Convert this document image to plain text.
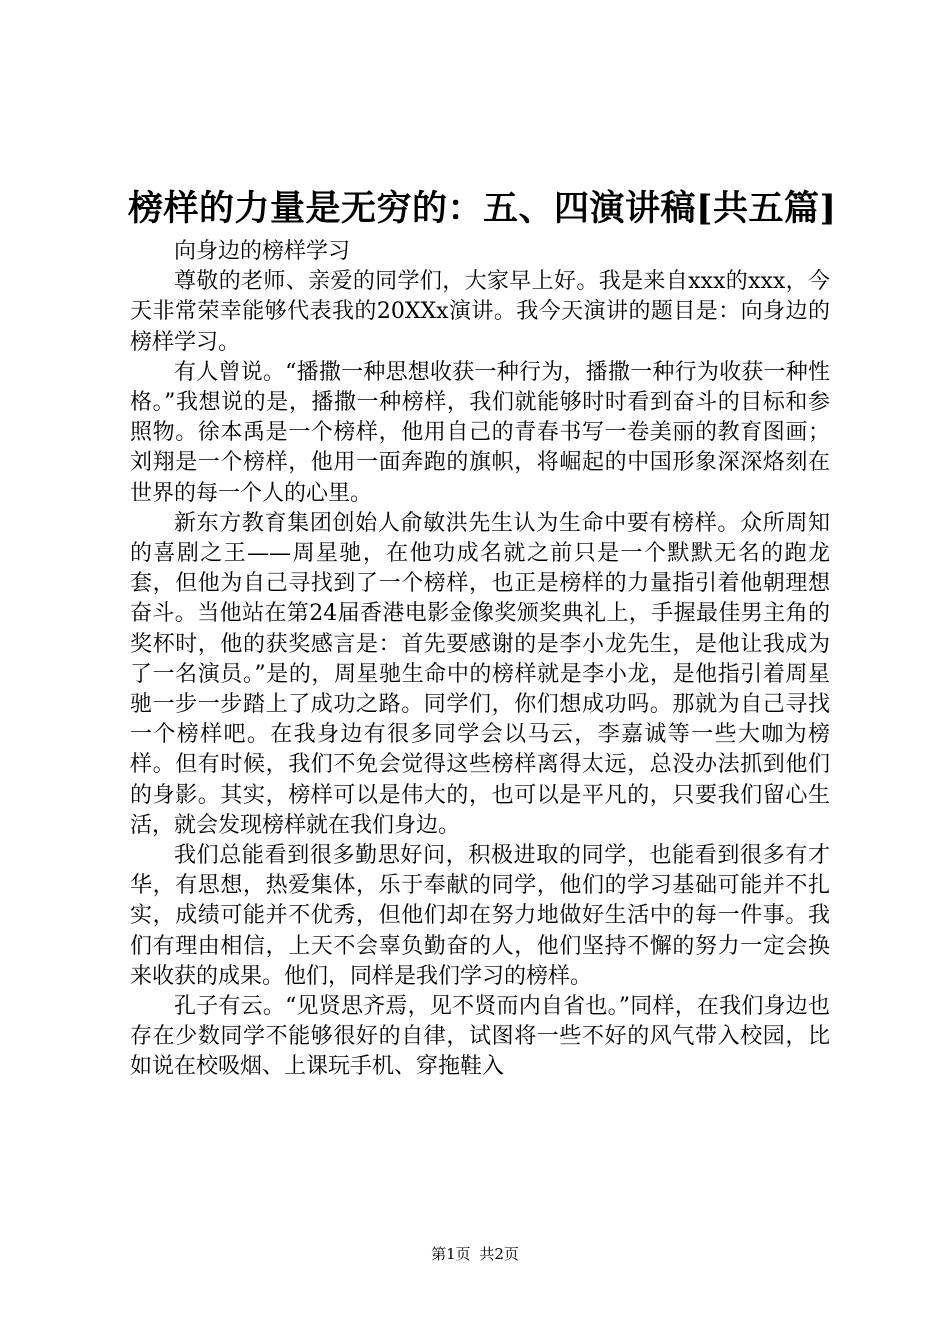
榜样的力量是无穷的：五、四演讲稿[共五篇]

向身边的榜样学习

尊敬的老师、亲爱的同学们，大家早上好。我是来自xxx的xxx，今天非常荣幸能够代表我的20XXx演讲。我今天演讲的题目是：向身边的榜样学习。

有人曾说。“播撒一种思想收获一种行为，播撒一种行为收获一种性格。”我想说的是，播撒一种榜样，我们就能够时时看到奋斗的目标和参照物。徐本禹是一个榜样，他用自己的青春书写一卷美丽的教育图画；刘翔是一个榜样，他用一面奔跑的旗帜，将崛起的中国形象深深烙刻在世界的每一个人的心里。

新东方教育集团创始人俞敏洪先生认为生命中要有榜样。众所周知的喜剧之王——周星驰，在他功成名就之前只是一个默默无名的跑龙套，但他为自己寻找到了一个榜样，也正是榜样的力量指引着他朝理想奋斗。当他站在第24届香港电影金像奖颁奖典礼上，手握最佳男主角的奖杯时，他的获奖感言是：首先要感谢的是李小龙先生，是他让我成为了一名演员。”是的，周星驰生命中的榜样就是李小龙，是他指引着周星驰一步一步踏上了成功之路。同学们，你们想成功吗。那就为自己寻找一个榜样吧。在我身边有很多同学会以马云，李嘉诚等一些大咖为榜样。但有时候，我们不免会觉得这些榜样离得太远，总没办法抓到他们的身影。其实，榜样可以是伟大的，也可以是平凡的，只要我们留心生活，就会发现榜样就在我们身边。

我们总能看到很多勤思好问，积极进取的同学，也能看到很多有才华，有思想，热爱集体，乐于奉献的同学，他们的学习基础可能并不扎实，成绩可能并不优秀，但他们却在努力地做好生活中的每一件事。我们有理由相信，上天不会辜负勤奋的人，他们坚持不懈的努力一定会换来收获的成果。他们，同样是我们学习的榜样。

孔子有云。“见贤思齐焉，见不贤而内自省也。”同样，在我们身边也存在少数同学不能够很好的自律，试图将一些不好的风气带入校园，比如说在校吸烟、上课玩手机、穿拖鞋入

第1页 共2页
